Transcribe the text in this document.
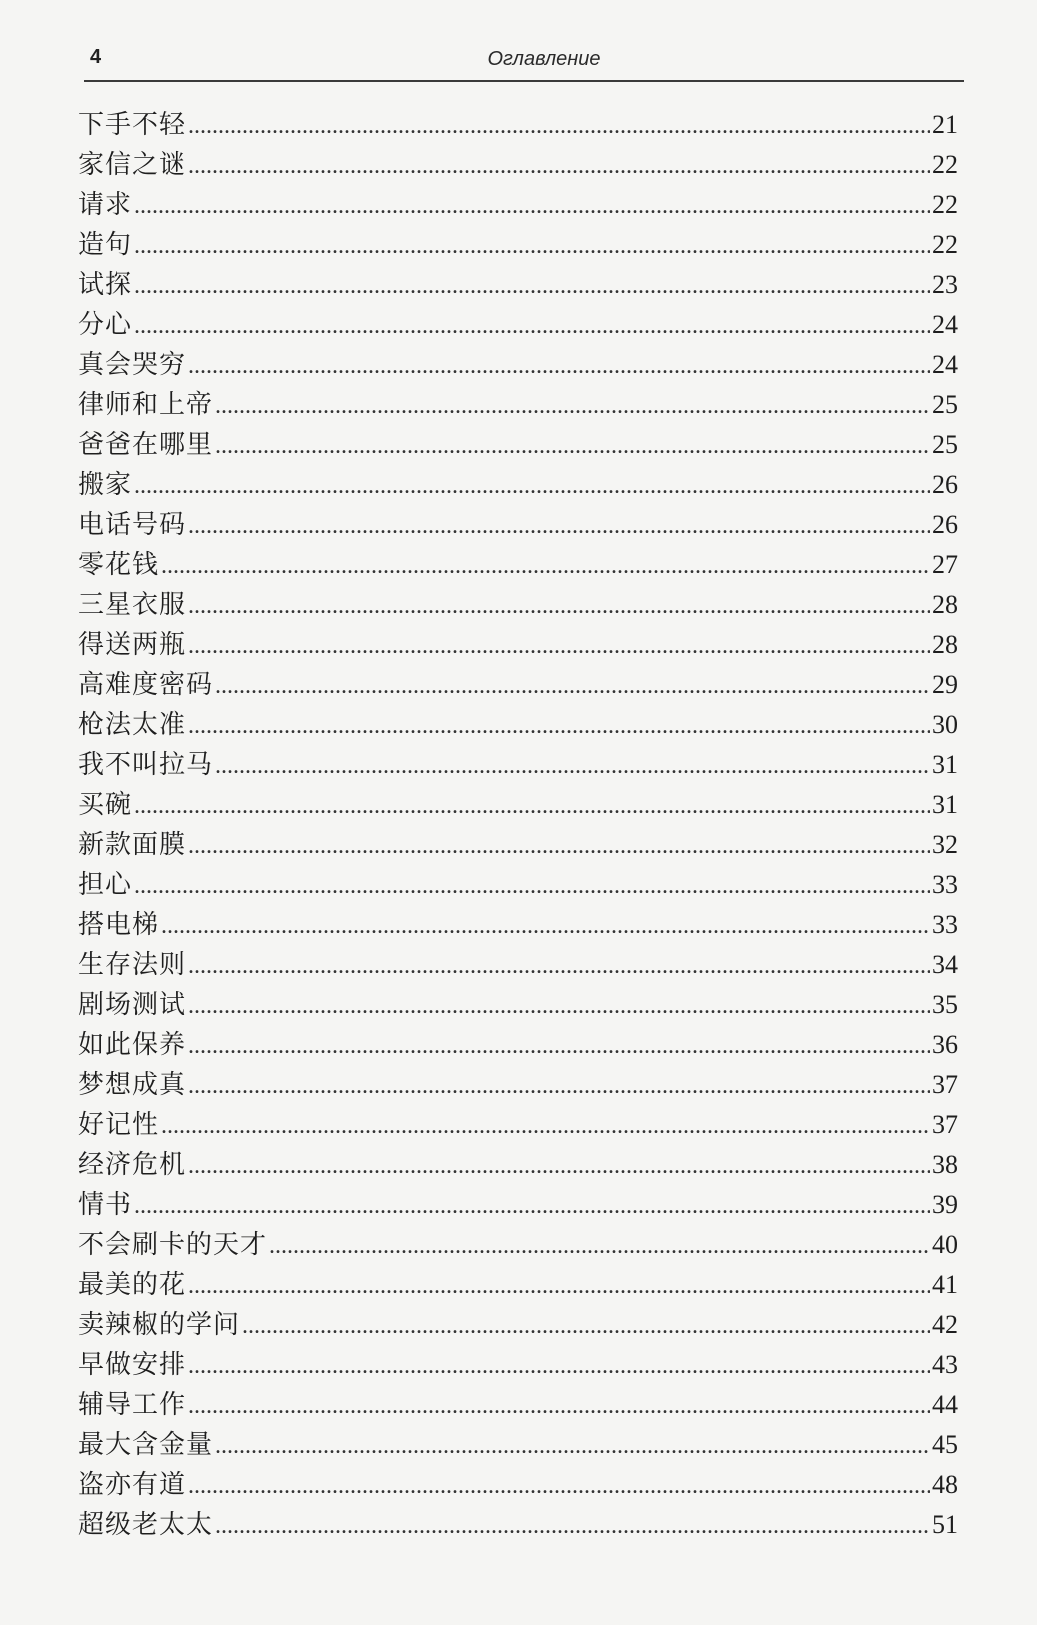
4	Оглавление
下手不轻 .....	21
家信之谜 .....	22
请求 .....	22
造句 .....	22
试探 .....	23
分心 .....	24
真会哭穷 .....	24
律师和上帝 .....	25
爸爸在哪里 .....	25
搬家 .....	26
电话号码 .....	26
零花钱 .....	27
三星衣服 .....	28
得送两瓶 .....	28
高难度密码 .....	29
枪法太准 .....	30
我不叫拉马 .....	31
买碗 .....	31
新款面膜 .....	32
担心 .....	33
搭电梯 .....	33
生存法则 .....	34
剧场测试 .....	35
如此保养 .....	36
梦想成真 .....	37
好记性 .....	37
经济危机 .....	38
情书 .....	39
不会刷卡的天才 .....	40
最美的花 .....	41
卖辣椒的学问 .....	42
早做安排 .....	43
辅导工作 .....	44
最大含金量 .....	45
盗亦有道 .....	48
超级老太太 .....	51
